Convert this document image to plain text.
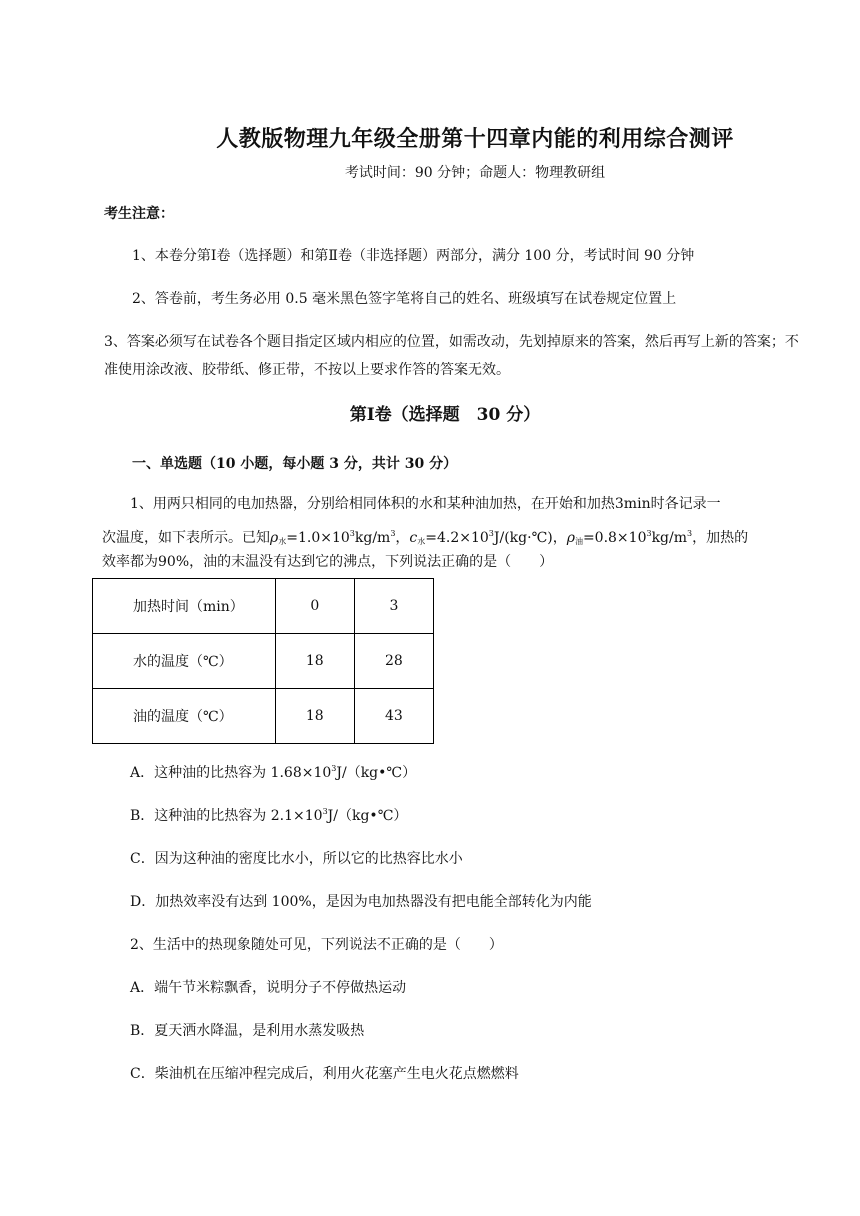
人教版物理九年级全册第十四章内能的利用综合测评
考试时间：90 分钟；命题人：物理教研组
考生注意：
1、本卷分第Ⅰ卷（选择题）和第Ⅱ卷（非选择题）两部分，满分 100 分，考试时间 90 分钟
2、答卷前，考生务必用 0.5 毫米黑色签字笔将自己的姓名、班级填写在试卷规定位置上
3、答案必须写在试卷各个题目指定区域内相应的位置，如需改动，先划掉原来的答案，然后再写上新的答案；不准使用涂改液、胶带纸、修正带，不按以上要求作答的答案无效。
第Ⅰ卷（选择题　30 分）
一、单选题（10 小题，每小题 3 分，共计 30 分）
1、用两只相同的电加热器，分别给相同体积的水和某种油加热，在开始和加热3min时各记录一
次温度，如下表所示。已知$\rho_水=1.0\times 10^3kg/m^3$，$c_水=4.2\times 10^3J/(kg\cdot℃)$，$\rho_油=0.8\times 10^3kg/m^3$，加热的
效率都为90%，油的末温没有达到它的沸点，下列说法正确的是（　　）
加热时间（min）	0	3
水的温度（℃）	18	28
油的温度（℃）	18	43
A．这种油的比热容为 $1.68\times 10^3J/(kg•℃)$
B．这种油的比热容为 $2.1\times 10^3J/(kg•℃)$
C．因为这种油的密度比水小，所以它的比热容比水小
D．加热效率没有达到 100%，是因为电加热器没有把电能全部转化为内能
2、生活中的热现象随处可见，下列说法不正确的是（　　）
A．端午节米粽飘香，说明分子不停做热运动
B．夏天洒水降温，是利用水蒸发吸热
C．柴油机在压缩冲程完成后，利用火花塞产生电火花点燃燃料
